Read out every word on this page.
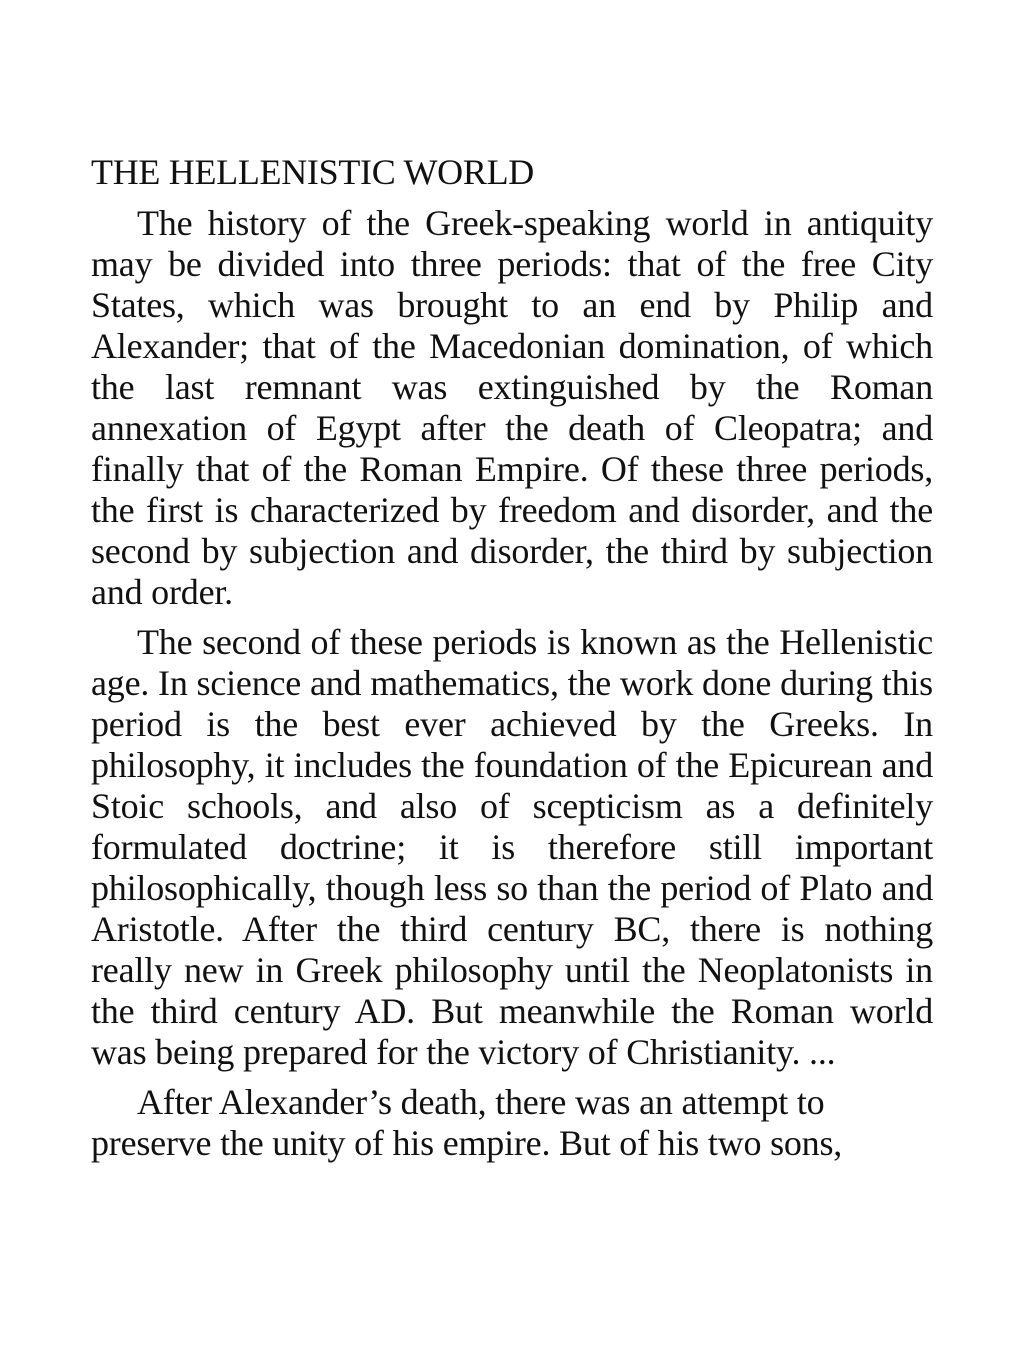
THE HELLENISTIC WORLD

The history of the Greek-speaking world in antiquity may be divided into three periods: that of the free City States, which was brought to an end by Philip and Alexander; that of the Macedonian domination, of which the last remnant was extinguished by the Roman annexation of Egypt after the death of Cleopatra; and finally that of the Roman Empire. Of these three periods, the first is characterized by freedom and disorder, and the second by subjection and disorder, the third by subjection and order.

The second of these periods is known as the Hellenistic age. In science and mathematics, the work done during this period is the best ever achieved by the Greeks. In philosophy, it includes the foundation of the Epicurean and Stoic schools, and also of scepticism as a definitely formulated doctrine; it is therefore still important philosophically, though less so than the period of Plato and Aristotle. After the third century BC, there is nothing really new in Greek philosophy until the Neoplatonists in the third century AD. But meanwhile the Roman world was being prepared for the victory of Christianity. ...

After Alexander’s death, there was an attempt to preserve the unity of his empire. But of his two sons,
